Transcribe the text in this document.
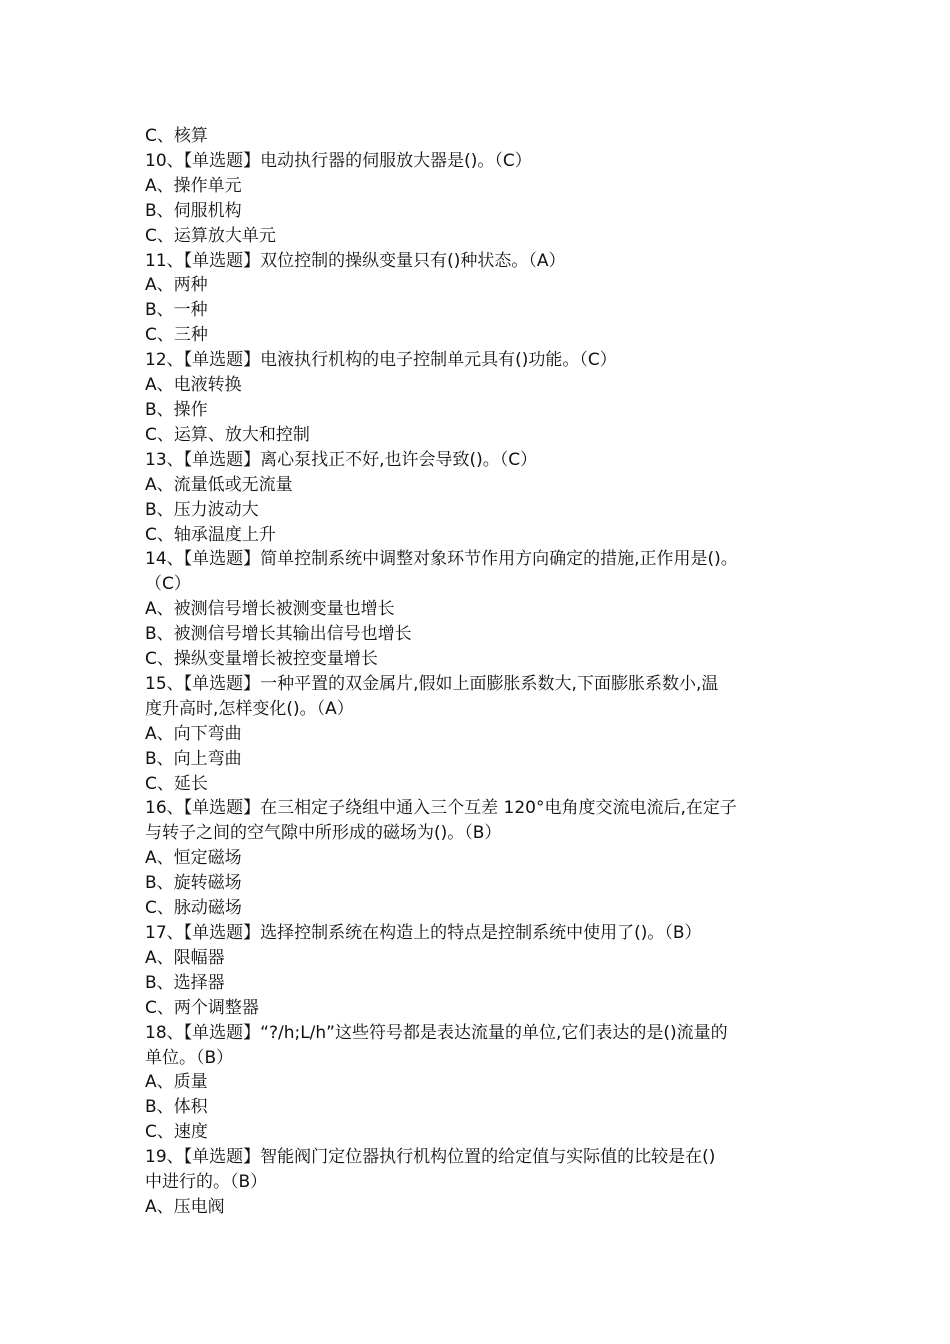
C、核算
10、【单选题】电动执行器的伺服放大器是()。（C）
A、操作单元
B、伺服机构
C、运算放大单元
11、【单选题】双位控制的操纵变量只有()种状态。（A）
A、两种
B、一种
C、三种
12、【单选题】电液执行机构的电子控制单元具有()功能。（C）
A、电液转换
B、操作
C、运算、放大和控制
13、【单选题】离心泵找正不好,也许会导致()。（C）
A、流量低或无流量
B、压力波动大
C、轴承温度上升
14、【单选题】简单控制系统中调整对象环节作用方向确定的措施,正作用是()。
（C）
A、被测信号增长被测变量也增长
B、被测信号增长其输出信号也增长
C、操纵变量增长被控变量增长
15、【单选题】一种平置的双金属片,假如上面膨胀系数大,下面膨胀系数小,温
度升高时,怎样变化()。（A）
A、向下弯曲
B、向上弯曲
C、延长
16、【单选题】在三相定子绕组中通入三个互差 120°电角度交流电流后,在定子
与转子之间的空气隙中所形成的磁场为()。（B）
A、恒定磁场
B、旋转磁场
C、脉动磁场
17、【单选题】选择控制系统在构造上的特点是控制系统中使用了()。（B）
A、限幅器
B、选择器
C、两个调整器
18、【单选题】“?/h;L/h”这些符号都是表达流量的单位,它们表达的是()流量的
单位。（B）
A、质量
B、体积
C、速度
19、【单选题】智能阀门定位器执行机构位置的给定值与实际值的比较是在()
中进行的。（B）
A、压电阀
